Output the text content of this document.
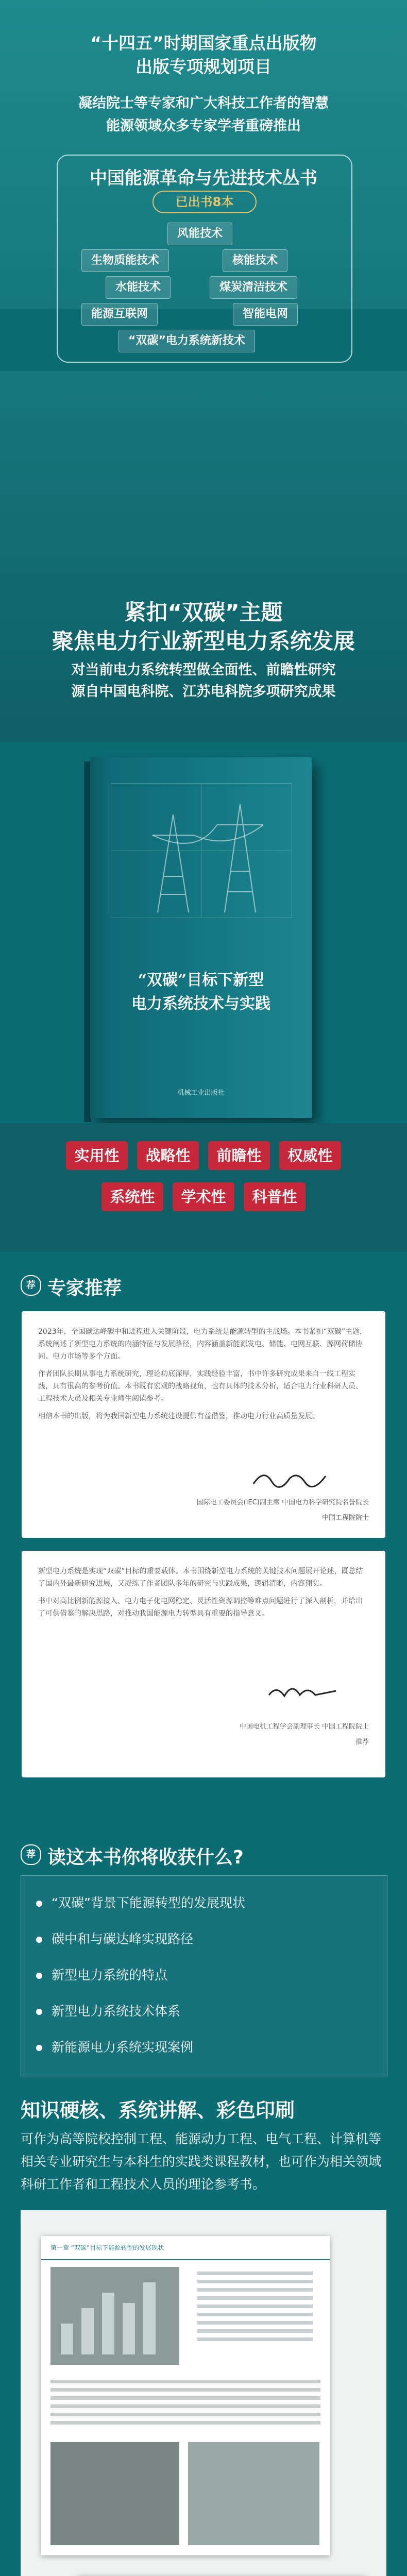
“十四五”时期国家重点出版物
出版专项规划项目
凝结院士等专家和广大科技工作者的智慧
能源领域众多专家学者重磅推出
中国能源革命与先进技术丛书
已出书8本
风能技术
生物质能技术	核能技术
水能技术	煤炭清洁技术
能源互联网	智能电网
“双碳”电力系统新技术
紧扣“双碳”主题
聚焦电力行业新型电力系统发展
对当前电力系统转型做全面性、前瞻性研究
源自中国电科院、江苏电科院多项研究成果
“双碳”目标下新型
电力系统技术与实践
机械工业出版社
实用性 战略性 前瞻性 权威性
系统性 学术性 科普性
荐 专家推荐

2023年，全国碳达峰碳中和进程进入关键阶段，电力系统是能源转型的主战场。本书紧扣“双碳”主题，系统阐述了新型电力系统的内涵特征与发展路径，内容涵盖新能源发电、储能、电网互联、源网荷储协同、电力市场等多个方面。

作者团队长期从事电力系统研究，理论功底深厚，实践经验丰富，书中许多研究成果来自一线工程实践，具有很高的参考价值。本书既有宏观的战略视角，也有具体的技术分析，适合电力行业科研人员、工程技术人员及相关专业师生阅读参考。

相信本书的出版，将为我国新型电力系统建设提供有益借鉴，推动电力行业高质量发展。

国际电工委员会(IEC)副主席 中国电力科学研究院名誉院长
中国工程院院士

新型电力系统是实现“双碳”目标的重要载体。本书围绕新型电力系统的关键技术问题展开论述，既总结了国内外最新研究进展，又凝练了作者团队多年的研究与实践成果，逻辑清晰，内容翔实。

书中对高比例新能源接入、电力电子化电网稳定、灵活性资源调控等难点问题进行了深入剖析，并给出了可供借鉴的解决思路，对推动我国能源电力转型具有重要的指导意义。

中国电机工程学会副理事长 中国工程院院士
推荐
荐 读这本书你将收获什么?
“双碳”背景下能源转型的发展现状
碳中和与碳达峰实现路径
新型电力系统的特点
新型电力系统技术体系
新能源电力系统实现案例
知识硬核、系统讲解、彩色印刷
可作为高等院校控制工程、能源动力工程、电气工程、计算机等相关专业研究生与本科生的实践类课程教材，也可作为相关领域科研工作者和工程技术人员的理论参考书。
第一章 “双碳”目标下能源转型的发展现状
